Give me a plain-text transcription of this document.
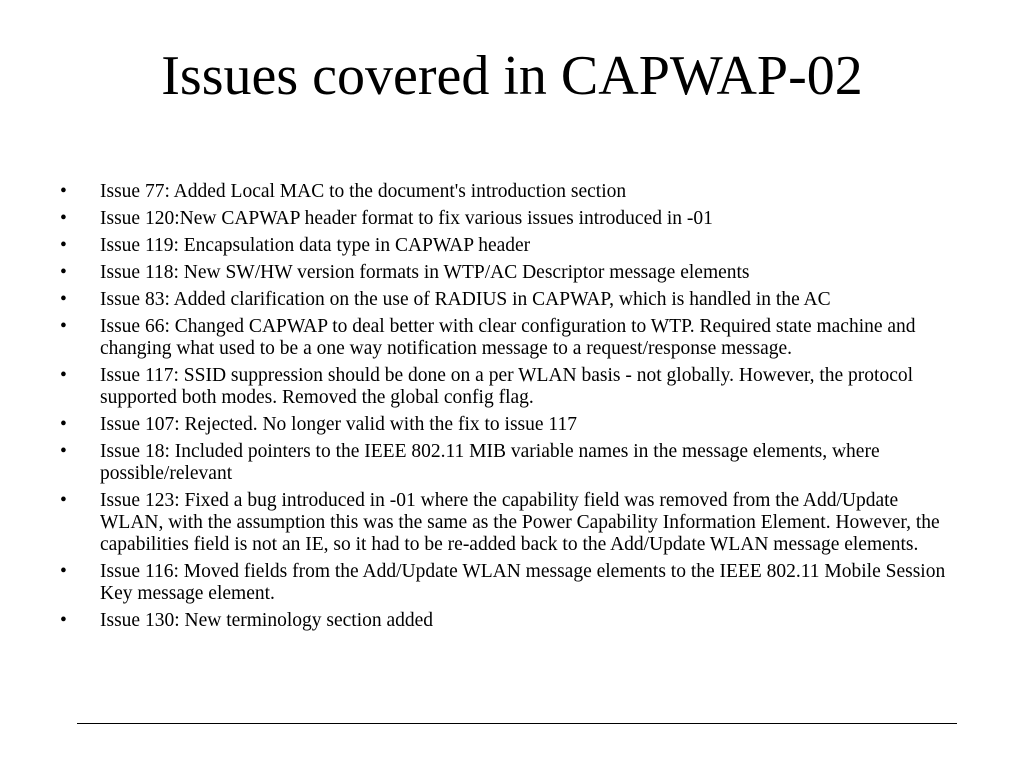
Issues covered in CAPWAP-02
•	Issue 77: Added Local MAC to the document's introduction section
•	Issue 120:New CAPWAP header format to fix various issues introduced in -01
•	Issue 119: Encapsulation data type in CAPWAP header
•	Issue 118: New SW/HW version formats in WTP/AC Descriptor message elements
•	Issue 83: Added clarification on the use of RADIUS in CAPWAP, which is handled in the AC
•	Issue 66: Changed CAPWAP to deal better with clear configuration to WTP. Required state machine and changing what used to be a one way notification message to a request/response message.
•	Issue 117: SSID suppression should be done on a per WLAN basis - not globally. However, the protocol supported both modes. Removed the global config flag.
•	Issue 107: Rejected. No longer valid with the fix to issue 117
•	Issue 18: Included pointers to the IEEE 802.11 MIB variable names in the message elements, where possible/relevant
•	Issue 123: Fixed a bug introduced in -01 where the capability field was removed from the Add/Update WLAN, with the assumption this was the same as the Power Capability Information Element. However, the capabilities field is not an IE, so it had to be re-added back to the Add/Update WLAN message elements.
•	Issue 116: Moved fields from the Add/Update WLAN message elements to the IEEE 802.11 Mobile Session Key message element.
•	Issue 130: New terminology section added
